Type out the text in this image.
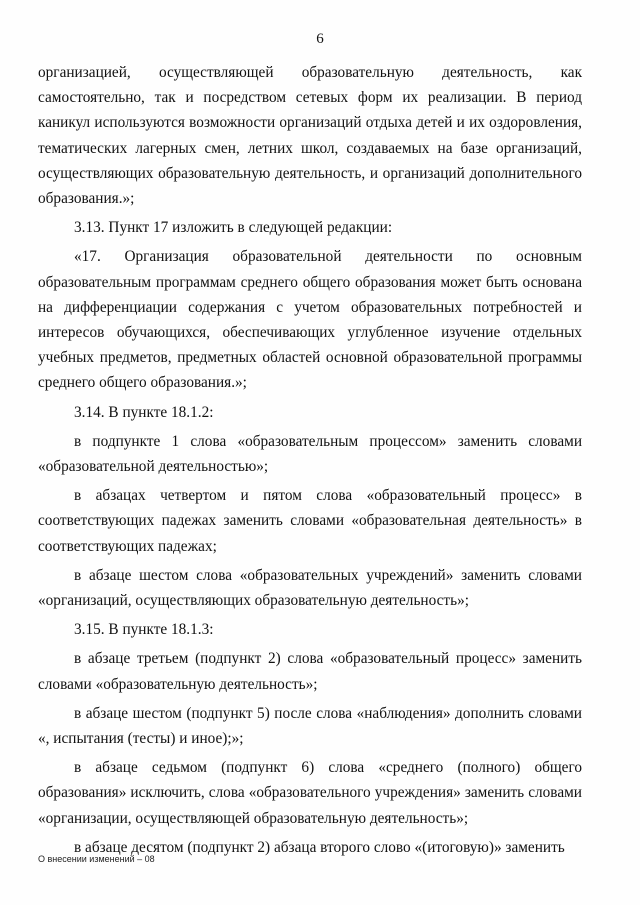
6

организацией, осуществляющей образовательную деятельность, как самостоятельно, так и посредством сетевых форм их реализации. В период каникул используются возможности организаций отдыха детей и их оздоровления, тематических лагерных смен, летних школ, создаваемых на базе организаций, осуществляющих образовательную деятельность, и организаций дополнительного образования.»;

3.13. Пункт 17 изложить в следующей редакции:

«17. Организация образовательной деятельности по основным образовательным программам среднего общего образования может быть основана на дифференциации содержания с учетом образовательных потребностей и интересов обучающихся, обеспечивающих углубленное изучение отдельных учебных предметов, предметных областей основной образовательной программы среднего общего образования.»;

3.14. В пункте 18.1.2:

в подпункте 1 слова «образовательным процессом» заменить словами «образовательной деятельностью»;

в абзацах четвертом и пятом слова «образовательный процесс» в соответствующих падежах заменить словами «образовательная деятельность» в соответствующих падежах;

в абзаце шестом слова «образовательных учреждений» заменить словами «организаций, осуществляющих образовательную деятельность»;

3.15. В пункте 18.1.3:

в абзаце третьем (подпункт 2) слова «образовательный процесс» заменить словами «образовательную деятельность»;

в абзаце шестом (подпункт 5) после слова «наблюдения» дополнить словами «, испытания (тесты) и иное);»;

в абзаце седьмом (подпункт 6) слова «среднего (полного) общего образования» исключить, слова «образовательного учреждения» заменить словами «организации, осуществляющей образовательную деятельность»;

в абзаце десятом (подпункт 2) абзаца второго слово «(итоговую)» заменить

О внесении изменений – 08
